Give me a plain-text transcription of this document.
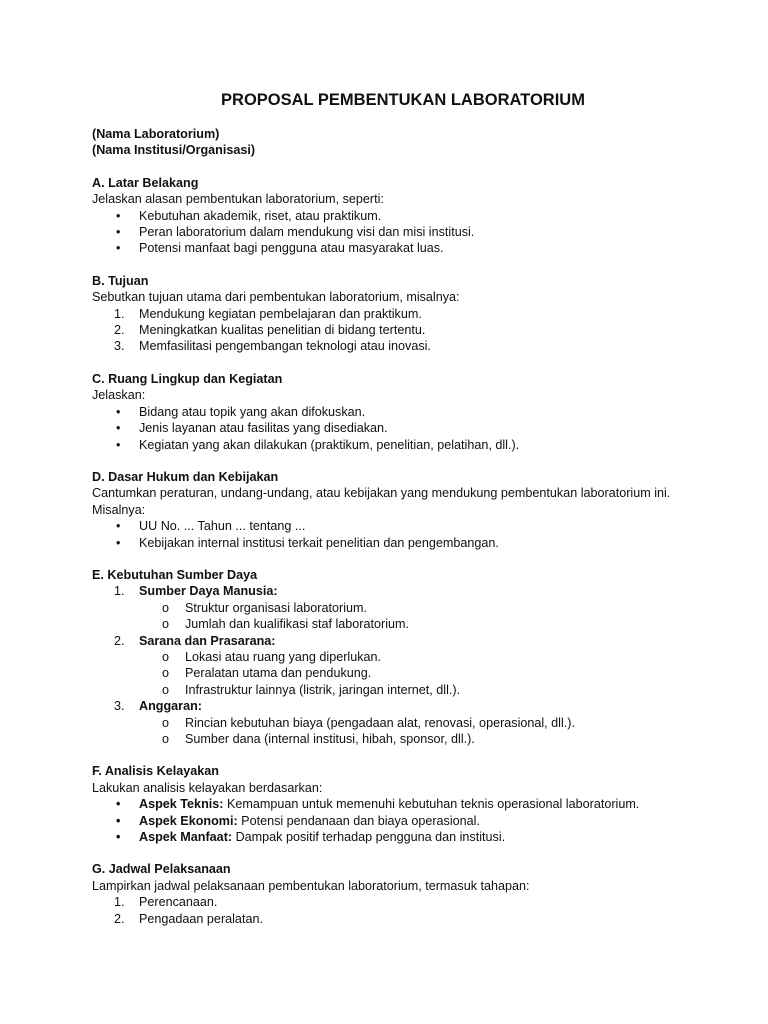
PROPOSAL PEMBENTUKAN LABORATORIUM

(Nama Laboratorium)

(Nama Institusi/Organisasi)

A. Latar Belakang

Jelaskan alasan pembentukan laboratorium, seperti:

•	Kebutuhan akademik, riset, atau praktikum.
•	Peran laboratorium dalam mendukung visi dan misi institusi.
•	Potensi manfaat bagi pengguna atau masyarakat luas.

B. Tujuan

Sebutkan tujuan utama dari pembentukan laboratorium, misalnya:

1.	Mendukung kegiatan pembelajaran dan praktikum.
2.	Meningkatkan kualitas penelitian di bidang tertentu.
3.	Memfasilitasi pengembangan teknologi atau inovasi.

C. Ruang Lingkup dan Kegiatan

Jelaskan:

•	Bidang atau topik yang akan difokuskan.
•	Jenis layanan atau fasilitas yang disediakan.
•	Kegiatan yang akan dilakukan (praktikum, penelitian, pelatihan, dll.).

D. Dasar Hukum dan Kebijakan

Cantumkan peraturan, undang-undang, atau kebijakan yang mendukung pembentukan laboratorium ini. Misalnya:

•	UU No. ... Tahun ... tentang ...
•	Kebijakan internal institusi terkait penelitian dan pengembangan.

E. Kebutuhan Sumber Daya

1.	Sumber Daya Manusia:
o Struktur organisasi laboratorium.
o Jumlah dan kualifikasi staf laboratorium.
2.	Sarana dan Prasarana:
o Lokasi atau ruang yang diperlukan.
o Peralatan utama dan pendukung.
o Infrastruktur lainnya (listrik, jaringan internet, dll.).
3.	Anggaran:
o Rincian kebutuhan biaya (pengadaan alat, renovasi, operasional, dll.).
o Sumber dana (internal institusi, hibah, sponsor, dll.).

F. Analisis Kelayakan

Lakukan analisis kelayakan berdasarkan:

•	Aspek Teknis: Kemampuan untuk memenuhi kebutuhan teknis operasional laboratorium.
•	Aspek Ekonomi: Potensi pendanaan dan biaya operasional.
•	Aspek Manfaat: Dampak positif terhadap pengguna dan institusi.

G. Jadwal Pelaksanaan

Lampirkan jadwal pelaksanaan pembentukan laboratorium, termasuk tahapan:

1.	Perencanaan.
2.	Pengadaan peralatan.
